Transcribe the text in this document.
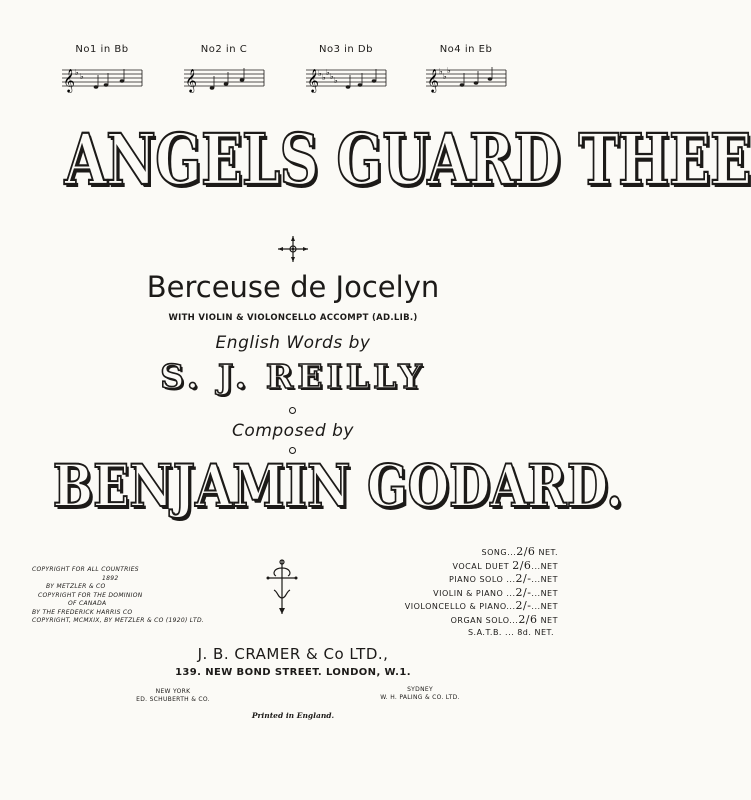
No1 in Bb
𝄞 ♭ ♭
No2 in C
𝄞
No3 in Db
𝄞 ♭ ♭
♭ ♭ ♭
No4 in Eb
𝄞 ♭
♭
♭
ANGELS GUARD THEE
Berceuse de Jocelyn
WITH VIOLIN & VIOLONCELLO ACCOMPT (AD.LIB.)
English Words by
S. J. REILLY
Composed by
BENJAMIN GODARD.
COPYRIGHT FOR ALL COUNTRIES
1892
BY METZLER & CO
COPYRIGHT FOR THE DOMINION
OF CANADA
BY THE FREDERICK HARRIS CO
COPYRIGHT, MCMXIX, BY METZLER & CO (1920) LTD.
SONG...2/6 NET.
VOCAL DUET 2/6...NET
PIANO SOLO ...2/-...NET
VIOLIN & PIANO ...2/-...NET
VIOLONCELLO & PIANO...2/-...NET
ORGAN SOLO...2/6 NET
S.A.T.B. ... 8d. NET.
J. B. CRAMER & Co LTD.,
139. NEW BOND STREET. LONDON, W.1.
NEW YORK
ED. SCHUBERTH & CO.
SYDNEY
W. H. PALING & CO. LTD.
Printed in England.
